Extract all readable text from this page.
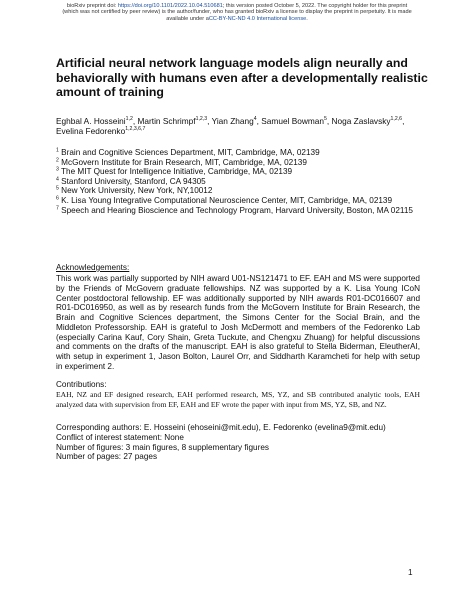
bioRxiv preprint doi: https://doi.org/10.1101/2022.10.04.510681; this version posted October 5, 2022. The copyright holder for this preprint
(which was not certified by peer review) is the author/funder, who has granted bioRxiv a license to display the preprint in perpetuity. It is made
available under aCC-BY-NC-ND 4.0 International license.
Artificial neural network language models align neurally and behaviorally with humans even after a developmentally realistic amount of training
Eghbal A. Hosseini$^{1,2}$, Martin Schrimpf$^{1,2,3}$, Yian Zhang$^4$, Samuel Bowman$^5$, Noga Zaslavsky$^{1,2,6}$, Evelina Fedorenko$^{1,2,3,6,7}$
$^1$ Brain and Cognitive Sciences Department, MIT, Cambridge, MA, 02139
$^2$ McGovern Institute for Brain Research, MIT, Cambridge, MA, 02139
$^3$ The MIT Quest for Intelligence Initiative, Cambridge, MA, 02139
$^4$ Stanford University, Stanford, CA 94305
$^5$ New York University, New York, NY,10012
$^6$ K. Lisa Young Integrative Computational Neuroscience Center, MIT, Cambridge, MA, 02139
$^7$ Speech and Hearing Bioscience and Technology Program, Harvard University, Boston, MA 02115
Acknowledgements:
This work was partially supported by NIH award U01-NS121471 to EF. EAH and MS were supported by the Friends of McGovern graduate fellowships. NZ was supported by a K. Lisa Young ICoN Center postdoctoral fellowship. EF was additionally supported by NIH awards R01-DC016607 and R01-DC016950, as well as by research funds from the McGovern Institute for Brain Research, the Brain and Cognitive Sciences department, the Simons Center for the Social Brain, and the Middleton Professorship. EAH is grateful to Josh McDermott and members of the Fedorenko Lab (especially Carina Kauf, Cory Shain, Greta Tuckute, and Chengxu Zhuang) for helpful discussions and comments on the drafts of the manuscript. EAH is also grateful to Stella Biderman, EleutherAI, with setup in experiment 1, Jason Bolton, Laurel Orr, and Siddharth Karamcheti for help with setup in experiment 2.
Contributions:
EAH, NZ and EF designed research, EAH performed research, MS, YZ, and SB contributed analytic tools, EAH analyzed data with supervision from EF, EAH and EF wrote the paper with input from MS, YZ, SB, and NZ.
Corresponding authors: E. Hosseini (ehoseini@mit.edu), E. Fedorenko (evelina9@mit.edu)
Conflict of interest statement: None
Number of figures: 3 main figures, 8 supplementary figures
Number of pages: 27 pages
1
